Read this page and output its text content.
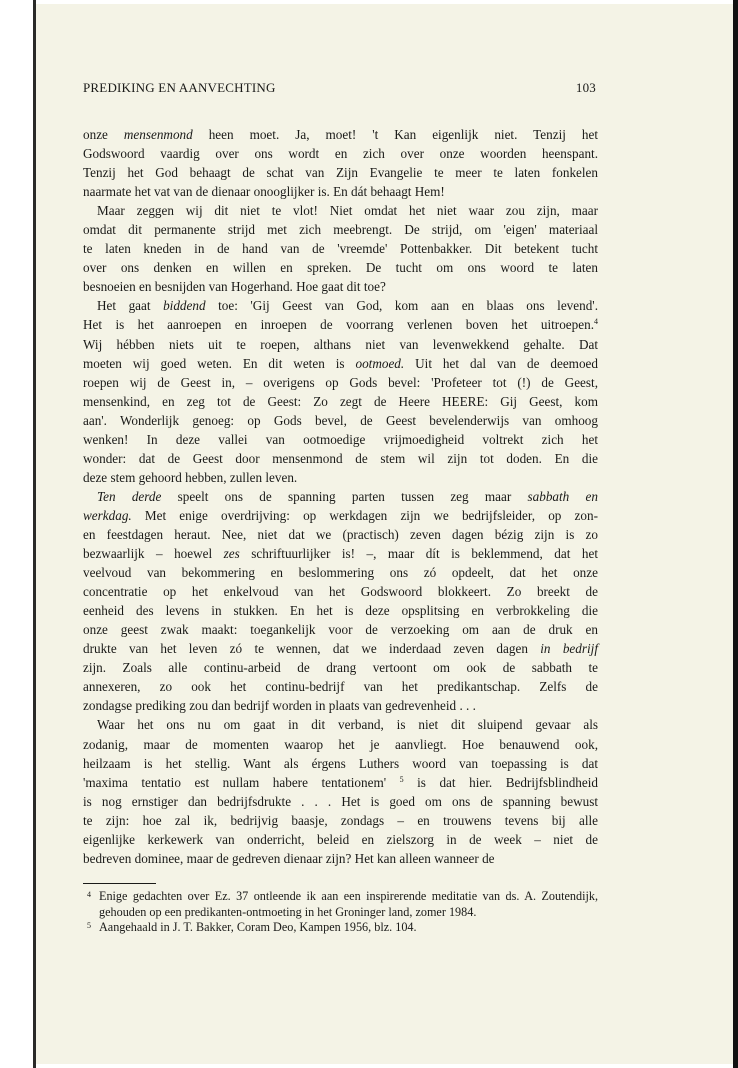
PREDIKING EN AANVECHTING	103

onze mensenmond heen moet. Ja, moet! 't Kan eigenlijk niet. Tenzij het
Godswoord vaardig over ons wordt en zich over onze woorden heenspant.
Tenzij het God behaagt de schat van Zijn Evangelie te meer te laten fonkelen
naarmate het vat van de dienaar onooglijker is. En dát behaagt Hem!

Maar zeggen wij dit niet te vlot! Niet omdat het niet waar zou zijn, maar
omdat dit permanente strijd met zich meebrengt. De strijd, om 'eigen' materiaal
te laten kneden in de hand van de 'vreemde' Pottenbakker. Dit betekent tucht
over ons denken en willen en spreken. De tucht om ons woord te laten
besnoeien en besnijden van Hogerhand. Hoe gaat dit toe?

Het gaat biddend toe: 'Gij Geest van God, kom aan en blaas ons levend'.
Het is het aanroepen en inroepen de voorrang verlenen boven het uitroepen.$^4$
Wij hébben niets uit te roepen, althans niet van levenwekkend gehalte. Dat
moeten wij goed weten. En dit weten is ootmoed. Uit het dal van de deemoed
roepen wij de Geest in, – overigens op Gods bevel: 'Profeteer tot (!) de Geest,
mensenkind, en zeg tot de Geest: Zo zegt de Heere HEERE: Gij Geest, kom
aan'. Wonderlijk genoeg: op Gods bevel, de Geest bevelenderwijs van omhoog
wenken! In deze vallei van ootmoedige vrijmoedigheid voltrekt zich het
wonder: dat de Geest door mensenmond de stem wil zijn tot doden. En die
deze stem gehoord hebben, zullen leven.

Ten derde speelt ons de spanning parten tussen zeg maar sabbath en
werkdag. Met enige overdrijving: op werkdagen zijn we bedrijfsleider, op zon-
en feestdagen heraut. Nee, niet dat we (practisch) zeven dagen bézig zijn is zo
bezwaarlijk – hoewel zes schriftuurlijker is! –, maar dít is beklemmend, dat het
veelvoud van bekommering en beslommering ons zó opdeelt, dat het onze
concentratie op het enkelvoud van het Godswoord blokkeert. Zo breekt de
eenheid des levens in stukken. En het is deze opsplitsing en verbrokkeling die
onze geest zwak maakt: toegankelijk voor de verzoeking om aan de druk en
drukte van het leven zó te wennen, dat we inderdaad zeven dagen in bedrijf
zijn. Zoals alle continu-arbeid de drang vertoont om ook de sabbath te
annexeren, zo ook het continu-bedrijf van het predikantschap. Zelfs de
zondagse prediking zou dan bedrijf worden in plaats van gedrevenheid . . .

Waar het ons nu om gaat in dit verband, is niet dit sluipend gevaar als
zodanig, maar de momenten waarop het je aanvliegt. Hoe benauwend ook,
heilzaam is het stellig. Want als érgens Luthers woord van toepassing is dat
'maxima tentatio est nullam habere tentationem' $^5$ is dat hier. Bedrijfsblindheid
is nog ernstiger dan bedrijfsdrukte . . . Het is goed om ons de spanning bewust
te zijn: hoe zal ik, bedrijvig baasje, zondags – en trouwens tevens bij alle
eigenlijke kerkewerk van onderricht, beleid en zielszorg in de week – niet de
bedreven dominee, maar de gedreven dienaar zijn? Het kan alleen wanneer de

4 Enige gedachten over Ez. 37 ontleende ik aan een inspirerende meditatie van ds. A. Zoutendijk, gehouden op een predikanten-ontmoeting in het Groninger land, zomer 1984.
5 Aangehaald in J. T. Bakker, Coram Deo, Kampen 1956, blz. 104.
